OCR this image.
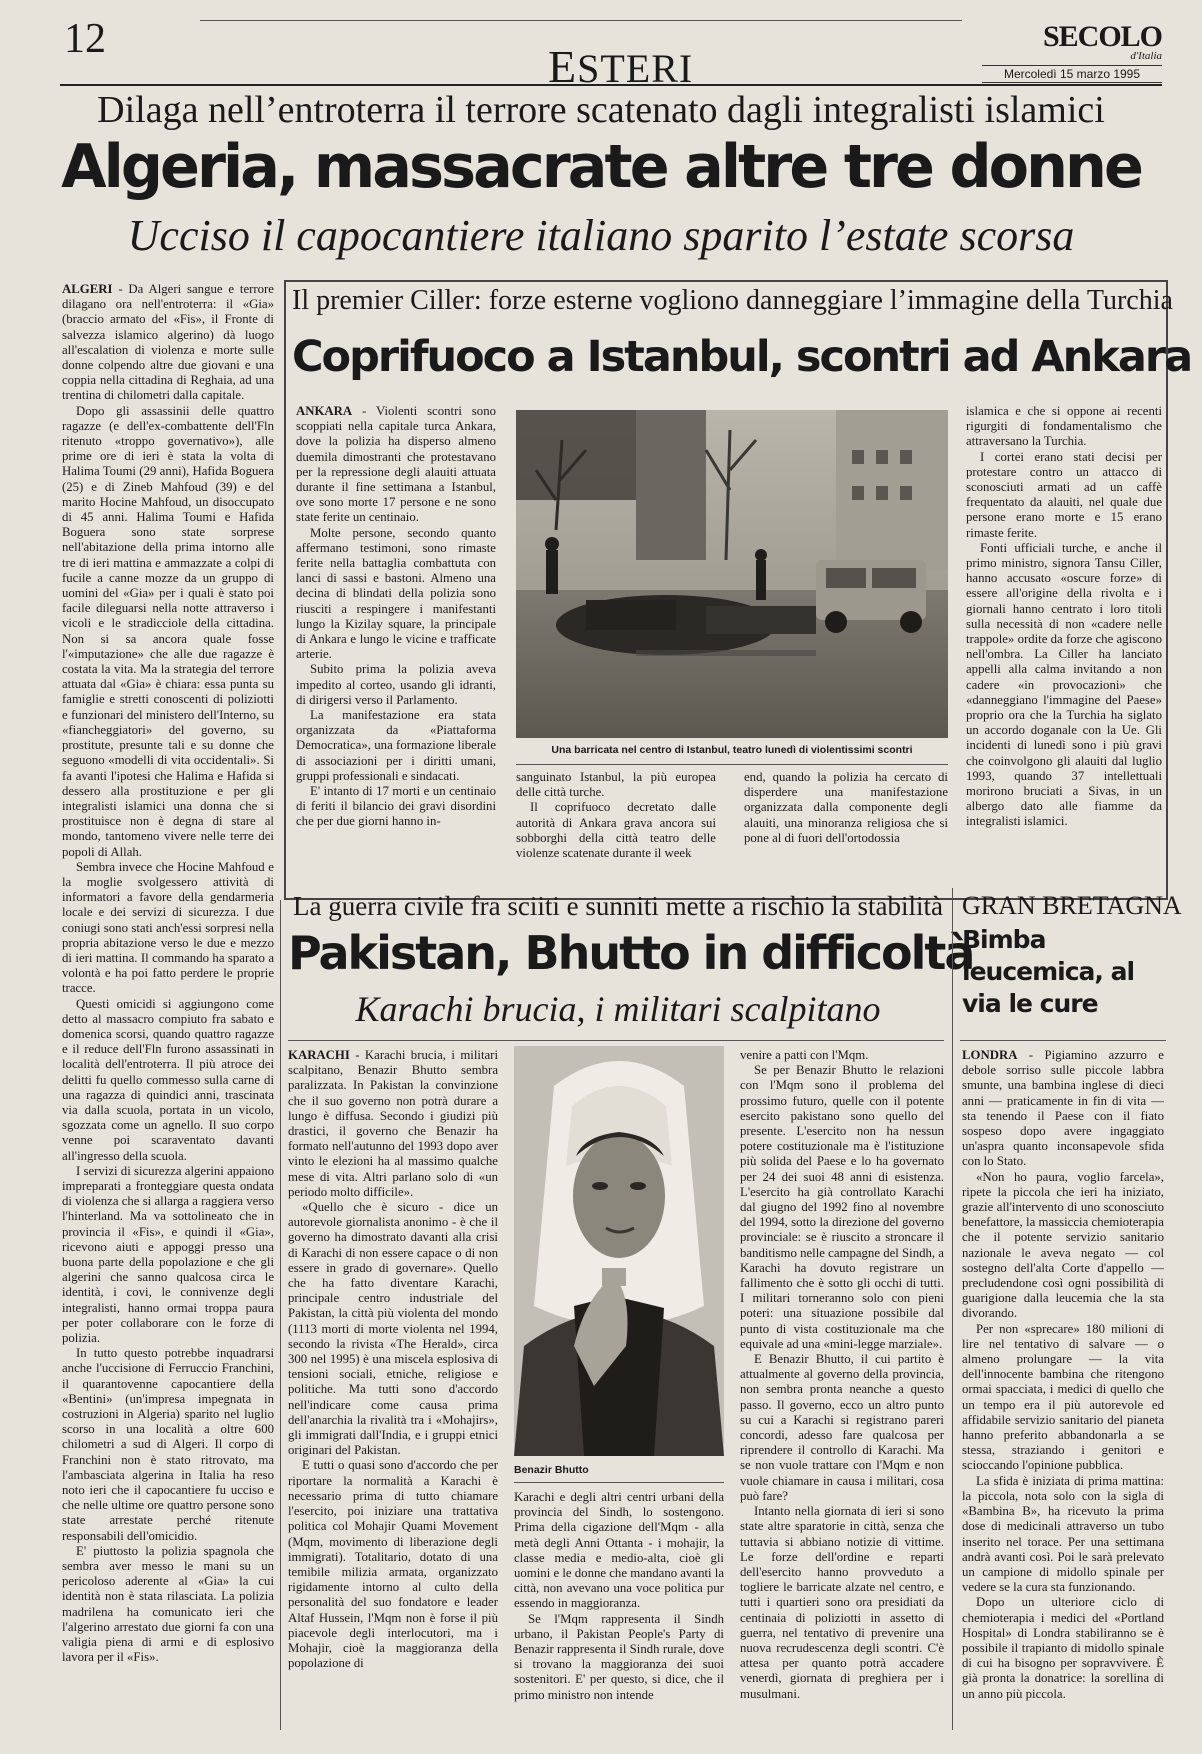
12
ESTERI
SECOLO
d'Italia
Mercoledì 15 marzo 1995
Dilaga nell’entroterra il terrore scatenato dagli integralisti islamici
Algeria, massacrate altre tre donne
Ucciso il capocantiere italiano sparito l’estate scorsa

ALGERI - Da Algeri sangue e terrore dilagano ora nell'entroterra: il «Gia» (braccio armato del «Fis», il Fronte di salvezza islamico algerino) dà luogo all'escalation di violenza e morte sulle donne colpendo altre due giovani e una coppia nella cittadina di Reghaia, ad una trentina di chilometri dalla capitale.

Dopo gli assassinii delle quattro ragazze (e dell'ex-combattente dell'Fln ritenuto «troppo governativo»), alle prime ore di ieri è stata la volta di Halima Toumi (29 anni), Hafida Boguera (25) e di Zineb Mahfoud (39) e del marito Hocine Mahfoud, un disoccupato di 45 anni. Halima Toumi e Hafida Boguera sono state sorprese nell'abitazione della prima intorno alle tre di ieri mattina e ammazzate a colpi di fucile a canne mozze da un gruppo di uomini del «Gia» per i quali è stato poi facile dileguarsi nella notte attraverso i vicoli e le stradicciole della cittadina. Non si sa ancora quale fosse l'«imputazione» che alle due ragazze è costata la vita. Ma la strategia del terrore attuata dal «Gia» è chiara: essa punta su famiglie e stretti conoscenti di poliziotti e funzionari del ministero dell'Interno, su «fiancheggiatori» del governo, su prostitute, presunte tali e su donne che seguono «modelli di vita occidentali». Si fa avanti l'ipotesi che Halima e Hafida si dessero alla prostituzione e per gli integralisti islamici una donna che si prostituisce non è degna di stare al mondo, tantomeno vivere nelle terre dei popoli di Allah.

Sembra invece che Hocine Mahfoud e la moglie svolgessero attività di informatori a favore della gendarmeria locale e dei servizi di sicurezza. I due coniugi sono stati anch'essi sorpresi nella propria abitazione verso le due e mezzo di ieri mattina. Il commando ha sparato a volontà e ha poi fatto perdere le proprie tracce.

Questi omicidi si aggiungono come detto al massacro compiuto fra sabato e domenica scorsi, quando quattro ragazze e il reduce dell'Fln furono assassinati in località dell'entroterra. Il più atroce dei delitti fu quello commesso sulla carne di una ragazza di quindici anni, trascinata via dalla scuola, portata in un vicolo, sgozzata come un agnello. Il suo corpo venne poi scaraventato davanti all'ingresso della scuola.

I servizi di sicurezza algerini appaiono impreparati a fronteggiare questa ondata di violenza che si allarga a raggiera verso l'hinterland. Ma va sottolineato che in provincia il «Fis», e quindi il «Gia», ricevono aiuti e appoggi presso una buona parte della popolazione e che gli algerini che sanno qualcosa circa le identità, i covi, le connivenze degli integralisti, hanno ormai troppa paura per poter collaborare con le forze di polizia.

In tutto questo potrebbe inquadrarsi anche l'uccisione di Ferruccio Franchini, il quarantovenne capocantiere della «Bentini» (un'impresa impegnata in costruzioni in Algeria) sparito nel luglio scorso in una località a oltre 600 chilometri a sud di Algeri. Il corpo di Franchini non è stato ritrovato, ma l'ambasciata algerina in Italia ha reso noto ieri che il capocantiere fu ucciso e che nelle ultime ore quattro persone sono state arrestate perché ritenute responsabili dell'omicidio.

E' piuttosto la polizia spagnola che sembra aver messo le mani su un pericoloso aderente al «Gia» la cui identità non è stata rilasciata. La polizia madrilena ha comunicato ieri che l'algerino arrestato due giorni fa con una valigia piena di armi e di esplosivo lavora per il «Fis».

Il premier Ciller: forze esterne vogliono danneggiare l’immagine della Turchia
Coprifuoco a Istanbul, scontri ad Ankara

ANKARA - Violenti scontri sono scoppiati nella capitale turca Ankara, dove la polizia ha disperso almeno duemila dimostranti che protestavano per la repressione degli alauiti attuata durante il fine settimana a Istanbul, ove sono morte 17 persone e ne sono state ferite un centinaio.

Molte persone, secondo quanto affermano testimoni, sono rimaste ferite nella battaglia combattuta con lanci di sassi e bastoni. Almeno una decina di blindati della polizia sono riusciti a respingere i manifestanti lungo la Kizilay square, la principale di Ankara e lungo le vicine e trafficate arterie.

Subito prima la polizia aveva impedito al corteo, usando gli idranti, di dirigersi verso il Parlamento.

La manifestazione era stata organizzata da «Piattaforma Democratica», una formazione liberale di associazioni per i diritti umani, gruppi professionali e sindacati.

E' intanto di 17 morti e un centinaio di feriti il bilancio dei gravi disordini che per due giorni hanno in-

Una barricata nel centro di Istanbul, teatro lunedì di violentissimi scontri

sanguinato Istanbul, la più europea delle città turche.

Il coprifuoco decretato dalle autorità di Ankara grava ancora sui sobborghi della città teatro delle violenze scatenate durante il week

end, quando la polizia ha cercato di disperdere una manifestazione organizzata dalla componente degli alauiti, una minoranza religiosa che si pone al di fuori dell'ortodossia

islamica e che si oppone ai recenti rigurgiti di fondamentalismo che attraversano la Turchia.

I cortei erano stati decisi per protestare contro un attacco di sconosciuti armati ad un caffè frequentato da alauiti, nel quale due persone erano morte e 15 erano rimaste ferite.

Fonti ufficiali turche, e anche il primo ministro, signora Tansu Ciller, hanno accusato «oscure forze» di essere all'origine della rivolta e i giornali hanno centrato i loro titoli sulla necessità di non «cadere nelle trappole» ordite da forze che agiscono nell'ombra. La Ciller ha lanciato appelli alla calma invitando a non cadere «in provocazioni» che «danneggiano l'immagine del Paese» proprio ora che la Turchia ha siglato un accordo doganale con la Ue. Gli incidenti di lunedì sono i più gravi che coinvolgono gli alauiti dal luglio 1993, quando 37 intellettuali morirono bruciati a Sivas, in un albergo dato alle fiamme da integralisti islamici.

La guerra civile fra sciiti e sunniti mette a rischio la stabilità
Pakistan, Bhutto in difficoltà
Karachi brucia, i militari scalpitano

KARACHI - Karachi brucia, i militari scalpitano, Benazir Bhutto sembra paralizzata. In Pakistan la convinzione che il suo governo non potrà durare a lungo è diffusa. Secondo i giudizi più drastici, il governo che Benazir ha formato nell'autunno del 1993 dopo aver vinto le elezioni ha al massimo qualche mese di vita. Altri parlano solo di «un periodo molto difficile».

«Quello che è sicuro - dice un autorevole giornalista anonimo - è che il governo ha dimostrato davanti alla crisi di Karachi di non essere capace o di non essere in grado di governare». Quello che ha fatto diventare Karachi, principale centro industriale del Pakistan, la città più violenta del mondo (1113 morti di morte violenta nel 1994, secondo la rivista «The Herald», circa 300 nel 1995) è una miscela esplosiva di tensioni sociali, etniche, religiose e politiche. Ma tutti sono d'accordo nell'indicare come causa prima dell'anarchia la rivalità tra i «Mohajirs», gli immigrati dall'India, e i gruppi etnici originari del Pakistan.

E tutti o quasi sono d'accordo che per riportare la normalità a Karachi è necessario prima di tutto chiamare l'esercito, poi iniziare una trattativa politica col Mohajir Quami Movement (Mqm, movimento di liberazione degli immigrati). Totalitario, dotato di una temibile milizia armata, organizzato rigidamente intorno al culto della personalità del suo fondatore e leader Altaf Hussein, l'Mqm non è forse il più piacevole degli interlocutori, ma i Mohajir, cioè la maggioranza della popolazione di

Benazir Bhutto

Karachi e degli altri centri urbani della provincia del Sindh, lo sostengono. Prima della cigazione dell'Mqm - alla metà degli Anni Ottanta - i mohajir, la classe media e medio-alta, cioè gli uomini e le donne che mandano avanti la città, non avevano una voce politica pur essendo in maggioranza.

Se l'Mqm rappresenta il Sindh urbano, il Pakistan People's Party di Benazir rappresenta il Sindh rurale, dove si trovano la maggioranza dei suoi sostenitori. E' per questo, si dice, che il primo ministro non intende

venire a patti con l'Mqm.

Se per Benazir Bhutto le relazioni con l'Mqm sono il problema del prossimo futuro, quelle con il potente esercito pakistano sono quello del presente. L'esercito non ha nessun potere costituzionale ma è l'istituzione più solida del Paese e lo ha governato per 24 dei suoi 48 anni di esistenza. L'esercito ha già controllato Karachi dal giugno del 1992 fino al novembre del 1994, sotto la direzione del governo provinciale: se è riuscito a stroncare il banditismo nelle campagne del Sindh, a Karachi ha dovuto registrare un fallimento che è sotto gli occhi di tutti. I militari torneranno solo con pieni poteri: una situazione possibile dal punto di vista costituzionale ma che equivale ad una «mini-legge marziale».

E Benazir Bhutto, il cui partito è attualmente al governo della provincia, non sembra pronta neanche a questo passo. Il governo, ecco un altro punto su cui a Karachi si registrano pareri concordi, adesso fare qualcosa per riprendere il controllo di Karachi. Ma se non vuole trattare con l'Mqm e non vuole chiamare in causa i militari, cosa può fare?

Intanto nella giornata di ieri si sono state altre sparatorie in città, senza che tuttavia si abbiano notizie di vittime. Le forze dell'ordine e reparti dell'esercito hanno provveduto a togliere le barricate alzate nel centro, e tutti i quartieri sono ora presidiati da centinaia di poliziotti in assetto di guerra, nel tentativo di prevenire una nuova recrudescenza degli scontri. C'è attesa per quanto potrà accadere venerdì, giornata di preghiera per i musulmani.

GRAN BRETAGNA
Bimba leucemica, al via le cure

LONDRA - Pigiamino azzurro e debole sorriso sulle piccole labbra smunte, una bambina inglese di dieci anni — praticamente in fin di vita — sta tenendo il Paese con il fiato sospeso dopo avere ingaggiato un'aspra quanto inconsapevole sfida con lo Stato.

«Non ho paura, voglio farcela», ripete la piccola che ieri ha iniziato, grazie all'intervento di uno sconosciuto benefattore, la massiccia chemioterapia che il potente servizio sanitario nazionale le aveva negato — col sostegno dell'alta Corte d'appello — precludendone così ogni possibilità di guarigione dalla leucemia che la sta divorando.

Per non «sprecare» 180 milioni di lire nel tentativo di salvare — o almeno prolungare — la vita dell'innocente bambina che ritengono ormai spacciata, i medici di quello che un tempo era il più autorevole ed affidabile servizio sanitario del pianeta hanno preferito abbandonarla a se stessa, straziando i genitori e scioccando l'opinione pubblica.

La sfida è iniziata di prima mattina: la piccola, nota solo con la sigla di «Bambina B», ha ricevuto la prima dose di medicinali attraverso un tubo inserito nel torace. Per una settimana andrà avanti così. Poi le sarà prelevato un campione di midollo spinale per vedere se la cura sta funzionando.

Dopo un ulteriore ciclo di chemioterapia i medici del «Portland Hospital» di Londra stabiliranno se è possibile il trapianto di midollo spinale di cui ha bisogno per sopravvivere. È già pronta la donatrice: la sorellina di un anno più piccola.
